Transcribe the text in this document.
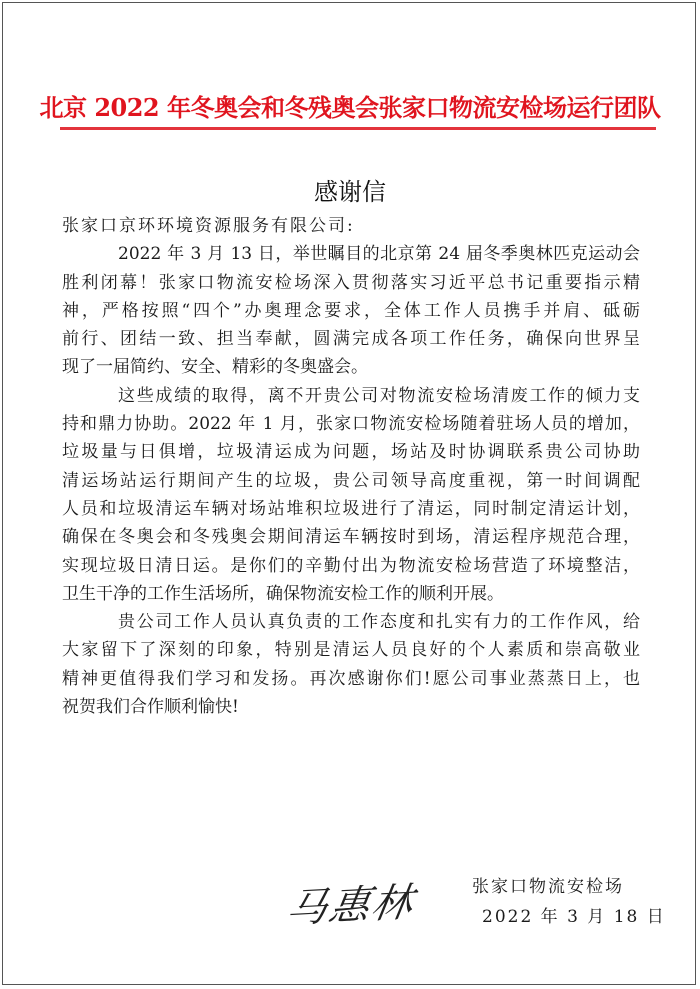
北京 2022 年冬奥会和冬残奥会张家口物流安检场运行团队
感谢信
张家口京环环境资源服务有限公司:
2022 年 3 月 13 日，举世瞩目的北京第 24 届冬季奥林匹克运动会
胜利闭幕！张家口物流安检场深入贯彻落实习近平总书记重要指示精
神，严格按照“四个”办奥理念要求，全体工作人员携手并肩、砥砺
前行、团结一致、担当奉献，圆满完成各项工作任务，确保向世界呈
现了一届简约、安全、精彩的冬奥盛会。
这些成绩的取得，离不开贵公司对物流安检场清废工作的倾力支
持和鼎力协助。2022 年 1 月，张家口物流安检场随着驻场人员的增加，
垃圾量与日俱增，垃圾清运成为问题，场站及时协调联系贵公司协助
清运场站运行期间产生的垃圾，贵公司领导高度重视，第一时间调配
人员和垃圾清运车辆对场站堆积垃圾进行了清运，同时制定清运计划，
确保在冬奥会和冬残奥会期间清运车辆按时到场，清运程序规范合理，
实现垃圾日清日运。是你们的辛勤付出为物流安检场营造了环境整洁，
卫生干净的工作生活场所，确保物流安检工作的顺利开展。
贵公司工作人员认真负责的工作态度和扎实有力的工作作风，给
大家留下了深刻的印象，特别是清运人员良好的个人素质和崇高敬业
精神更值得我们学习和发扬。再次感谢你们!愿公司事业蒸蒸日上，也
祝贺我们合作顺利愉快!
马惠林	张家口物流安检场
2022 年 3 月 18 日
